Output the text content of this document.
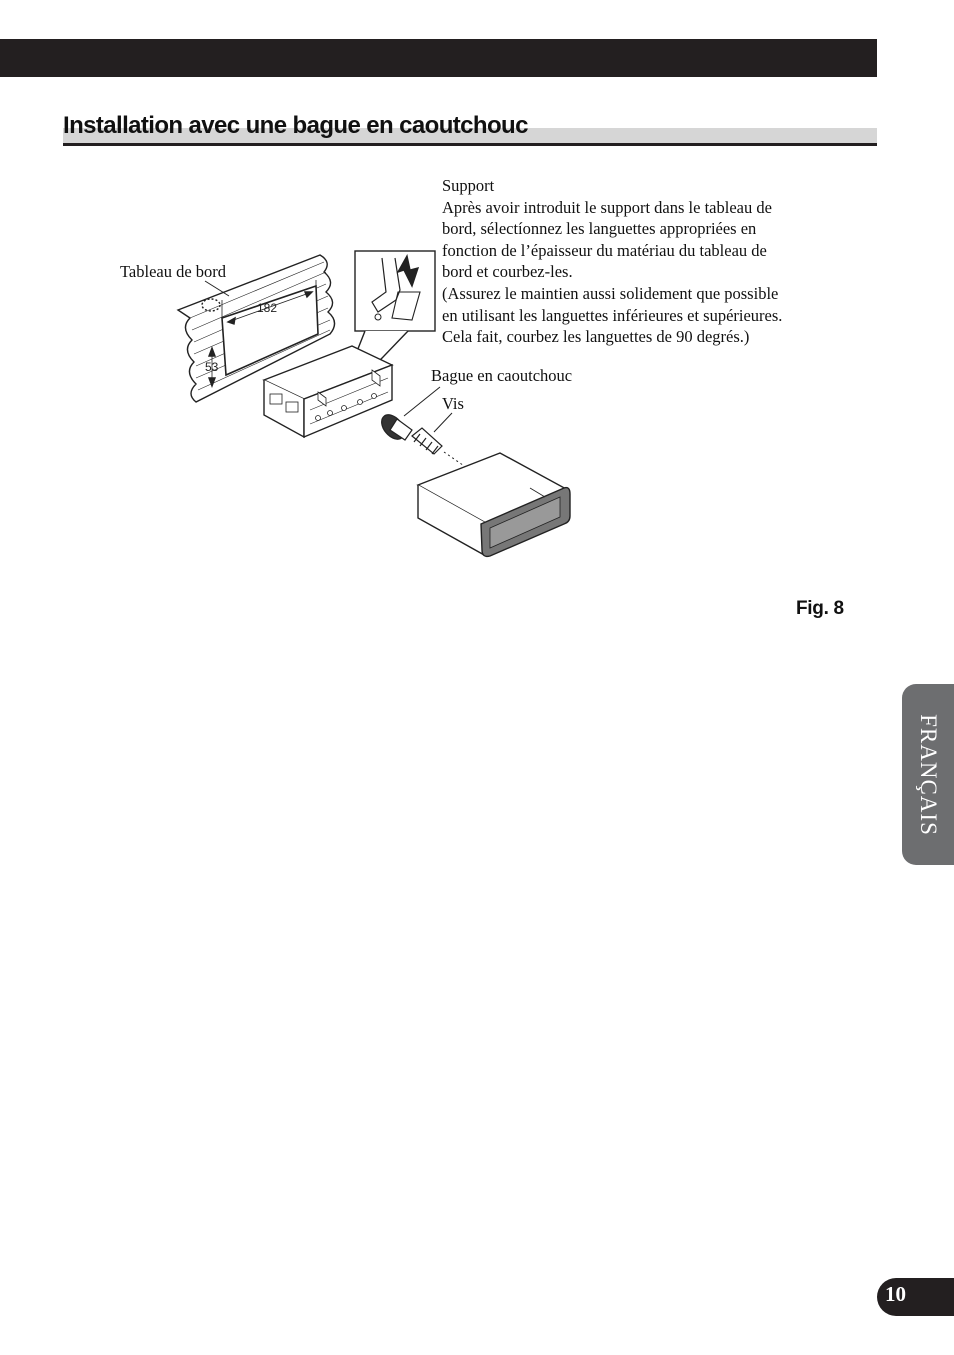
Installation avec une bague en caoutchouc
182
53
Tableau de bord
Support
Après avoir introduit le support dans le tableau de
bord, sélectíonnez les languettes appropriées en
fonction de l’épaisseur du matériau du tableau de
bord et courbez-les.
(Assurez le maintien aussi solidement que possible
en utilisant les languettes inférieures et supérieures.
Cela fait, courbez les languettes de 90 degrés.)
Bague en caoutchouc
Vis
Fig. 8
FRANÇAIS
10
